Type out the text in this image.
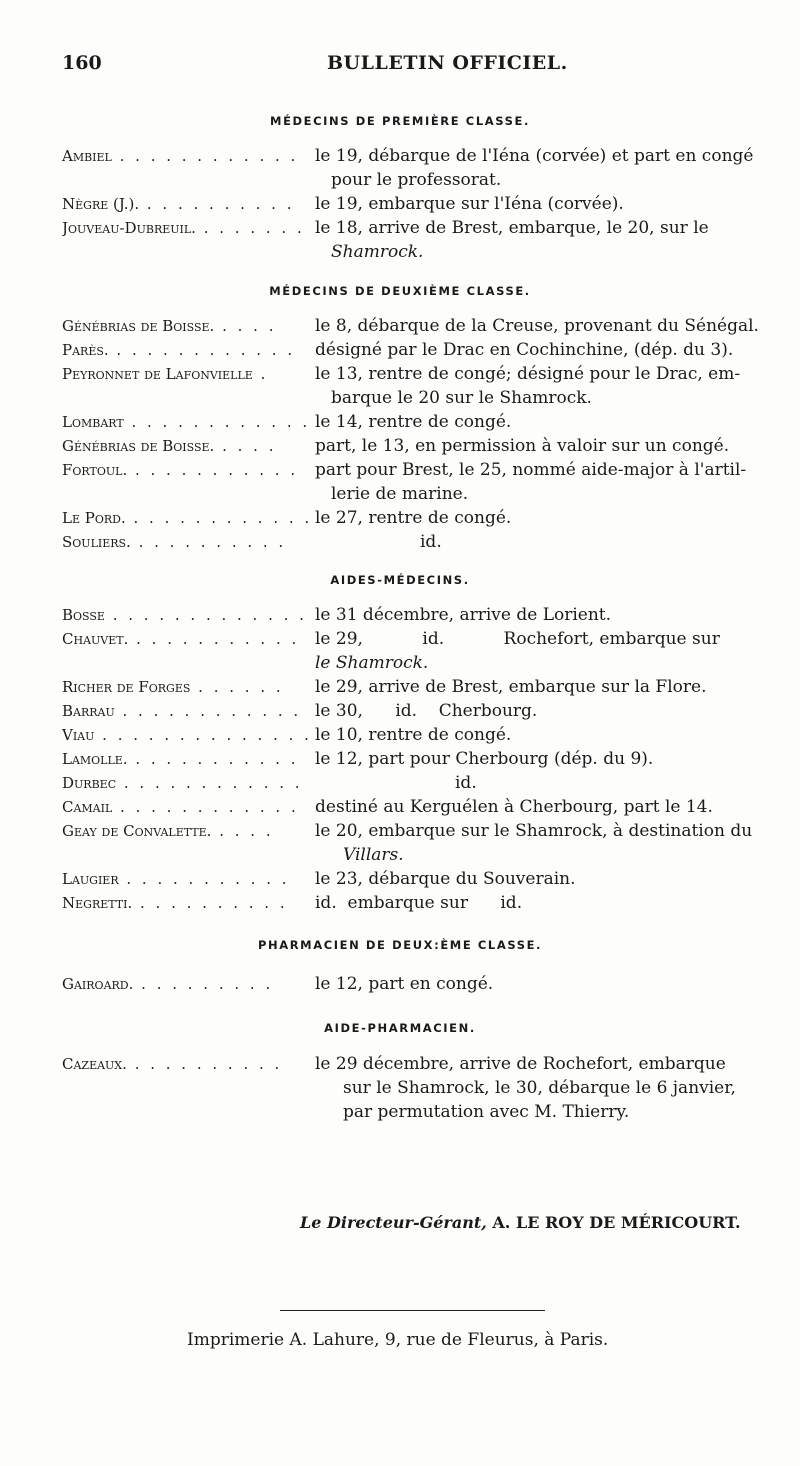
160	BULLETIN OFFICIEL.
MÉDECINS DE PREMIÈRE CLASSE.
MÉDECINS DE DEUXIÈME CLASSE.
AIDES-MÉDECINS.
PHARMACIEN DE DEUX:ÈME CLASSE.
AIDE-PHARMACIEN.
Ambiel . . . . . . . . . . . . le 19, débarque de l'Iéna (corvée) et part en congé
pour le professorat.
Nègre (J.). . . . . . . . . . .	le 19, embarque sur l'Iéna (corvée).
Jouveau-Dubreuil. . . . . . . . le 18, arrive de Brest, embarque, le 20, sur le
Shamrock.
Génébrias de Boisse. . . . .	le 8, débarque de la Creuse, provenant du Sénégal.
Parès. . . . . . . . . . . . .	désigné par le Drac en Cochinchine, (dép. du 3).
Peyronnet de Lafonvielle .	le 13, rentre de congé; désigné pour le Drac, em-
barque le 20 sur le Shamrock.
Lombart . . . . . . . . . . . . le 14, rentre de congé.
Génébrias de Boisse. . . . .	part, le 13, en permission à valoir sur un congé.
Fortoul. . . . . . . . . . . . part pour Brest, le 25, nommé aide-major à l'artil-
lerie de marine.
Le Pord. . . . . . . . . . . . . le 27, rentre de congé.
Souliers. . . . . . . . . . .	id.
Bosse . . . . . . . . . . . . . le 31 décembre, arrive de Lorient.
Chauvet. . . . . . . . . . . . le 29,           id.           Rochefort, embarque sur
le Shamrock.
Richer de Forges . . . . . .	le 29, arrive de Brest, embarque sur la Flore.
Barrau . . . . . . . . . . . . le 30,      id.    Cherbourg.
Viau . . . . . . . . . . . . . . le 10, rentre de congé.
Lamolle. . . . . . . . . . . . le 12, part pour Cherbourg (dép. du 9).
Durbec . . . . . . . . . . . .	id.
Camail . . . . . . . . . . . . destiné au Kerguélen à Cherbourg, part le 14.
Geay de Convalette. . . . .	le 20, embarque sur le Shamrock, à destination du
Villars.
Laugier . . . . . . . . . . .	le 23, débarque du Souverain.
Negretti. . . . . . . . . . .	id.  embarque sur      id.
Gairoard. . . . . . . . . .	le 12, part en congé.
Cazeaux. . . . . . . . . . .	le 29 décembre, arrive de Rochefort, embarque
sur le Shamrock, le 30, débarque le 6 janvier,
par permutation avec M. Thierry.
Le Directeur-Gérant, A. LE ROY DE MÉRICOURT.
Imprimerie A. Lahure, 9, rue de Fleurus, à Paris.
